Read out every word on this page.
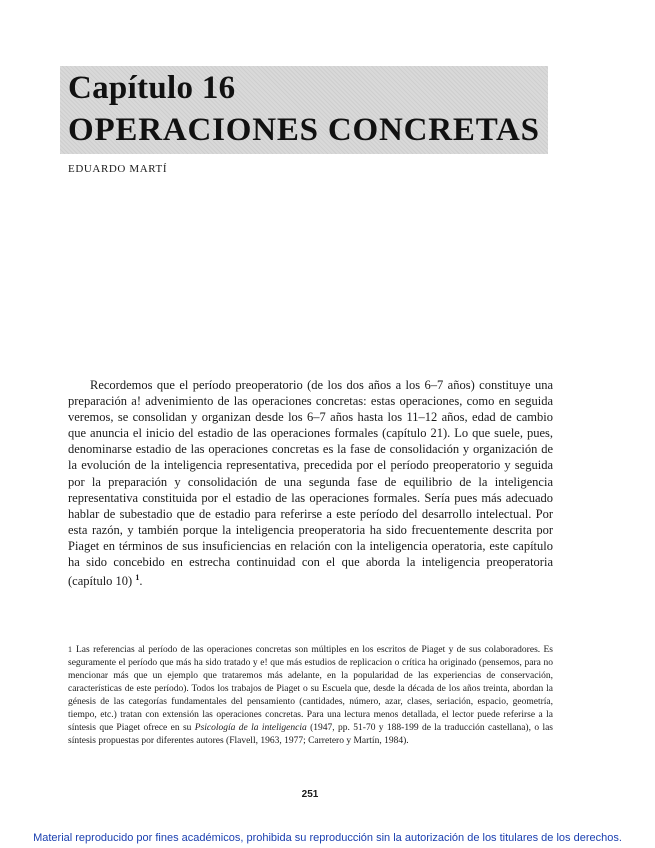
Capítulo 16
OPERACIONES CONCRETAS
EDUARDO MARTÍ

Recordemos que el período preoperatorio (de los dos años a los 6–7 años) constituye una preparación a! advenimiento de las operaciones concretas: estas operaciones, como en seguida veremos, se consolidan y organizan desde los 6–7 años hasta los 11–12 años, edad de cambio que anuncia el inicio del estadio de las operaciones formales (capítulo 21). Lo que suele, pues, denominarse estadio de las operaciones concretas es la fase de consolidación y organización de la evolución de la inteligencia representativa, precedida por el período preoperatorio y seguida por la preparación y consolidación de una segunda fase de equilibrio de la inteligencia representativa constituida por el estadio de las operaciones formales. Sería pues más adecuado hablar de subestadio que de estadio para referirse a este período del desarrollo intelectual. Por esta razón, y también porque la inteligencia preoperatoria ha sido frecuentemente descrita por Piaget en términos de sus insuficiencias en relación con la inteligencia operatoria, este capítulo ha sido concebido en estrecha continuidad con el que aborda la inteligencia preoperatoria (capítulo 10) $^1$.

1 Las referencias al período de las operaciones concretas son múltiples en los escritos de Piaget y de sus colaboradores. Es seguramente el período que más ha sido tratado y e! que más estudios de replicacion o crítica ha originado (pensemos, para no mencionar más que un ejemplo que trataremos más adelante, en la popularidad de las experiencias de conservación, características de este período). Todos los trabajos de Piaget o su Escuela que, desde la década de los años treinta, abordan la génesis de las categorías fundamentales del pensamiento (cantidades, número, azar, clases, seriación, espacio, geometría, tiempo, etc.) tratan con extensión las operaciones concretas. Para una lectura menos detallada, el lector puede referirse a la síntesis que Piaget ofrece en su Psicología de la inteligencia (1947, pp. 51-70 y 188-199 de la traducción castellana), o las síntesis propuestas por diferentes autores (Flavell, 1963, 1977; Carretero y Martín, 1984).

251
Material reproducido por fines académicos, prohibida su reproducción sin la autorización de los titulares de los derechos.
